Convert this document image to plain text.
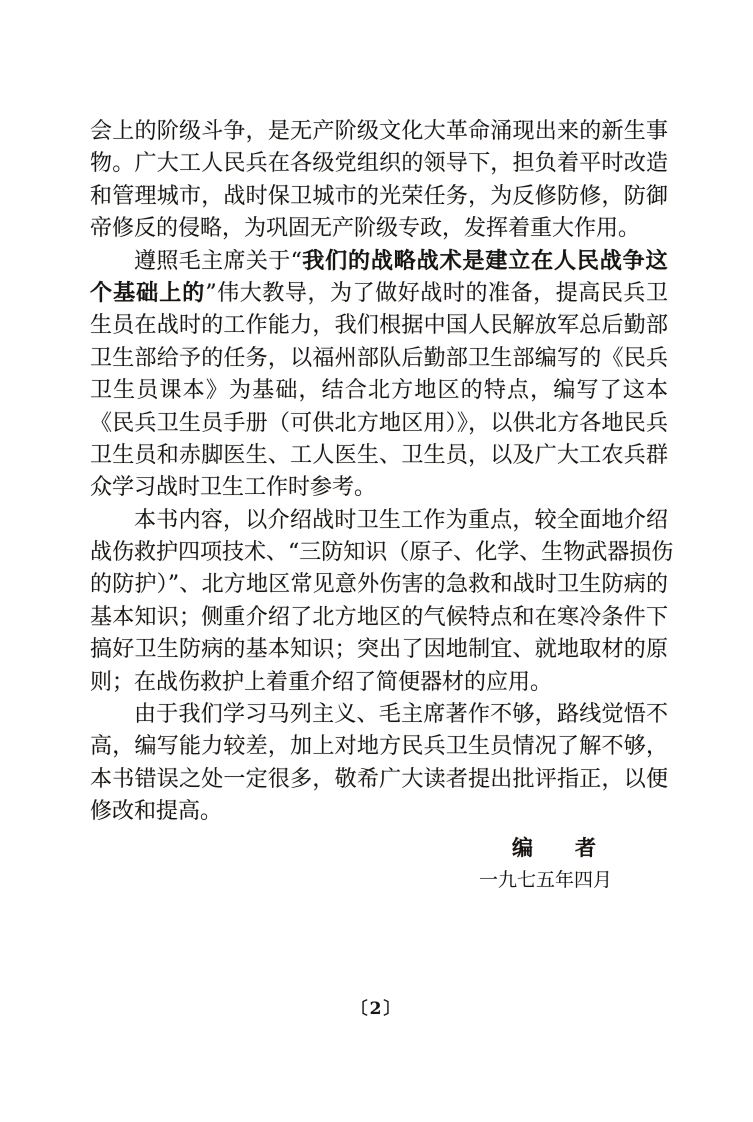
会上的阶级斗争，是无产阶级文化大革命涌现出来的新生事
物。广大工人民兵在各级党组织的领导下，担负着平时改造
和管理城市，战时保卫城市的光荣任务，为反修防修，防御
帝修反的侵略，为巩固无产阶级专政，发挥着重大作用。
遵照毛主席关于“我们的战略战术是建立在人民战争这
个基础上的”伟大教导，为了做好战时的准备，提高民兵卫
生员在战时的工作能力，我们根据中国人民解放军总后勤部
卫生部给予的任务，以福州部队后勤部卫生部编写的《民兵
卫生员课本》为基础，结合北方地区的特点，编写了这本
《民兵卫生员手册（可供北方地区用）》，以供北方各地民兵
卫生员和赤脚医生、工人医生、卫生员，以及广大工农兵群
众学习战时卫生工作时参考。
本书内容，以介绍战时卫生工作为重点，较全面地介绍
战伤救护四项技术、“三防知识（原子、化学、生物武器损伤
的防护）”、北方地区常见意外伤害的急救和战时卫生防病的
基本知识；侧重介绍了北方地区的气候特点和在寒冷条件下
搞好卫生防病的基本知识；突出了因地制宜、就地取材的原
则；在战伤救护上着重介绍了简便器材的应用。
由于我们学习马列主义、毛主席著作不够，路线觉悟不
高，编写能力较差，加上对地方民兵卫生员情况了解不够，
本书错误之处一定很多，敬希广大读者提出批评指正，以便
修改和提高。
编　　者
一九七五年四月
〔2〕
